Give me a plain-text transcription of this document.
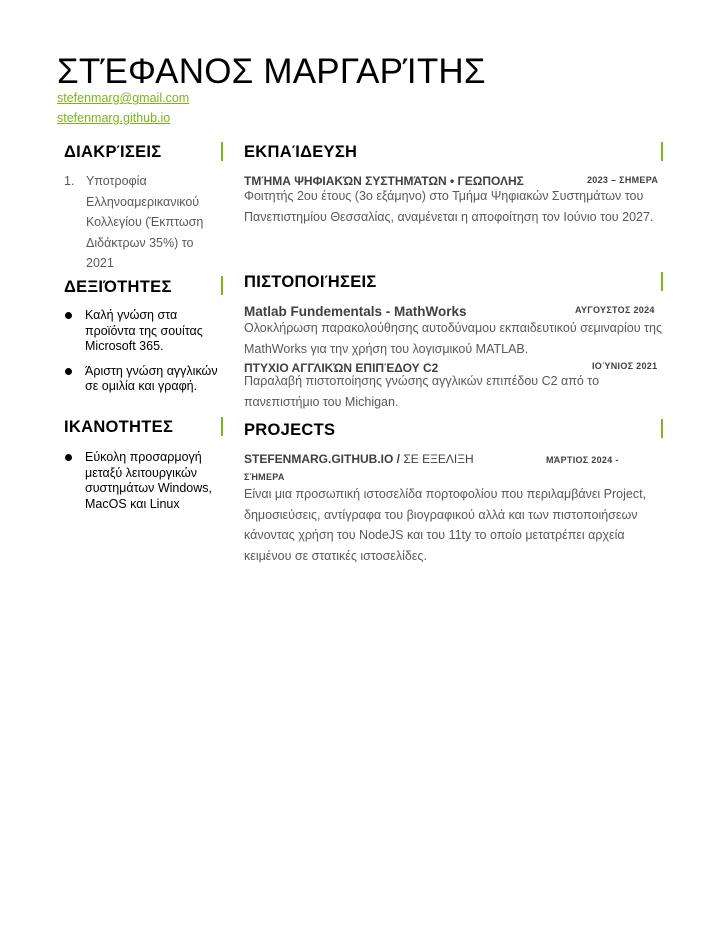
ΣΤΈΦΑΝΟΣ ΜΑΡΓΑΡΊΤΗΣ
stefenmarg@gmail.com
stefenmarg.github.io
ΔΙΑΚΡΊΣΕΙΣ
1. Υποτροφία Ελληνοαμερικανικού Κολλεγίου (Έκπτωση Διδάκτρων 35%) το 2021
ΔΕΞΙΌΤΗΤΕΣ
Καλή γνώση στα προϊόντα της σουίτας Microsoft 365.
Άριστη γνώση αγγλικών σε ομιλία και γραφή.
ΙΚΑΝΟΤΗΤΕΣ
Εύκολη προσαρμογή μεταξύ λειτουργικών συστημάτων Windows, MacOS και Linux
ΕΚΠΑΊΔΕΥΣΗ
ΤΜΉΜΑ ΨΗΦΙΑΚΏΝ ΣΥΣΤΗΜΆΤΩΝ • ΓΕΩΠΟΛΗΣ	2023 – ΣΗΜΕΡΑ

Φοιτητής 2ου έτους (3ο εξάμηνο) στο Τμήμα Ψηφιακών Συστημάτων του Πανεπιστημίου Θεσσαλίας, αναμένεται η αποφοίτηση τον Ιούνιο του 2027.

ΠΙΣΤΟΠΟΙΉΣΕΙΣ
Matlab Fundementals - MathWorks	ΑΥΓΟΥΣΤΟΣ 2024

Ολοκλήρωση παρακολούθησης αυτοδύναμου εκπαιδευτικού σεμιναρίου της MathWorks για την χρήση του λογισμικού MATLAB.

ΠΤΥΧΙΟ ΑΓΓΛΙΚΏΝ ΕΠΙΠΈΔΟΥ C2	ΙΟΎΝΙΟΣ 2021

Παραλαβή πιστοποίησης γνώσης αγγλικών επιπέδου C2 από το πανεπιστήμιο του Michigan.

PROJECTS
STEFENMARG.GITHUB.IO / ΣΕ ΕΞΕΛΙΞΗ	ΜΆΡΤΙΟΣ 2024 -
ΣΉΜΕΡΑ

Είναι μια προσωπική ιστοσελίδα πορτοφολίου που περιλαμβάνει Project, δημοσιεύσεις, αντίγραφα του βιογραφικού αλλά και των πιστοποιήσεων κάνοντας χρήση του NodeJS και του 11ty το οποίο μετατρέπει αρχεία κειμένου σε στατικές ιστοσελίδες.
